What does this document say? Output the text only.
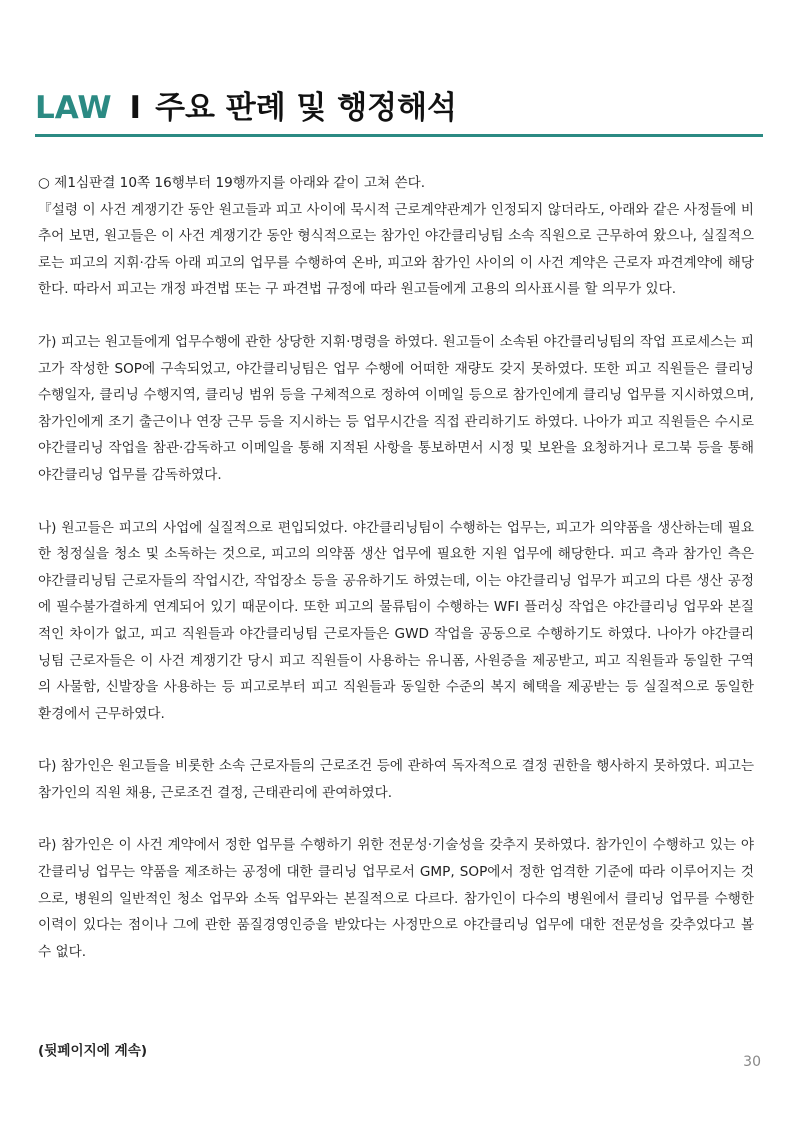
LAW I 주요 판례 및 행정해석

○ 제1심판결 10쪽 16행부터 19행까지를 아래와 같이 고쳐 쓴다.

『설령 이 사건 계쟁기간 동안 원고들과 피고 사이에 묵시적 근로계약관계가 인정되지 않더라도, 아래와 같은 사정들에 비추어 보면, 원고들은 이 사건 계쟁기간 동안 형식적으로는 참가인 야간클리닝팀 소속 직원으로 근무하여 왔으나, 실질적으로는 피고의 지휘·감독 아래 피고의 업무를 수행하여 온바, 피고와 참가인 사이의 이 사건 계약은 근로자 파견계약에 해당한다. 따라서 피고는 개정 파견법 또는 구 파견법 규정에 따라 원고들에게 고용의 의사표시를 할 의무가 있다.

가) 피고는 원고들에게 업무수행에 관한 상당한 지휘·명령을 하였다. 원고들이 소속된 야간클리닝팀의 작업 프로세스는 피고가 작성한 SOP에 구속되었고, 야간클리닝팀은 업무 수행에 어떠한 재량도 갖지 못하였다. 또한 피고 직원들은 클리닝 수행일자, 클리닝 수행지역, 클리닝 범위 등을 구체적으로 정하여 이메일 등으로 참가인에게 클리닝 업무를 지시하였으며, 참가인에게 조기 출근이나 연장 근무 등을 지시하는 등 업무시간을 직접 관리하기도 하였다. 나아가 피고 직원들은 수시로 야간클리닝 작업을 참관·감독하고 이메일을 통해 지적된 사항을 통보하면서 시정 및 보완을 요청하거나 로그북 등을 통해 야간클리닝 업무를 감독하였다.

나) 원고들은 피고의 사업에 실질적으로 편입되었다. 야간클리닝팀이 수행하는 업무는, 피고가 의약품을 생산하는데 필요한 청정실을 청소 및 소독하는 것으로, 피고의 의약품 생산 업무에 필요한 지원 업무에 해당한다. 피고 측과 참가인 측은 야간클리닝팀 근로자들의 작업시간, 작업장소 등을 공유하기도 하였는데, 이는 야간클리닝 업무가 피고의 다른 생산 공정에 필수불가결하게 연계되어 있기 때문이다. 또한 피고의 물류팀이 수행하는 WFI 플러싱 작업은 야간클리닝 업무와 본질적인 차이가 없고, 피고 직원들과 야간클리닝팀 근로자들은 GWD 작업을 공동으로 수행하기도 하였다. 나아가 야간클리닝팀 근로자들은 이 사건 계쟁기간 당시 피고 직원들이 사용하는 유니폼, 사원증을 제공받고, 피고 직원들과 동일한 구역의 사물함, 신발장을 사용하는 등 피고로부터 피고 직원들과 동일한 수준의 복지 혜택을 제공받는 등 실질적으로 동일한 환경에서 근무하였다.

다) 참가인은 원고들을 비롯한 소속 근로자들의 근로조건 등에 관하여 독자적으로 결정 권한을 행사하지 못하였다. 피고는 참가인의 직원 채용, 근로조건 결정, 근태관리에 관여하였다.

라) 참가인은 이 사건 계약에서 정한 업무를 수행하기 위한 전문성·기술성을 갖추지 못하였다. 참가인이 수행하고 있는 야간클리닝 업무는 약품을 제조하는 공정에 대한 클리닝 업무로서 GMP, SOP에서 정한 엄격한 기준에 따라 이루어지는 것으로, 병원의 일반적인 청소 업무와 소독 업무와는 본질적으로 다르다. 참가인이 다수의 병원에서 클리닝 업무를 수행한 이력이 있다는 점이나 그에 관한 품질경영인증을 받았다는 사정만으로 야간클리닝 업무에 대한 전문성을 갖추었다고 볼 수 없다.

(뒷페이지에 계속)
30
